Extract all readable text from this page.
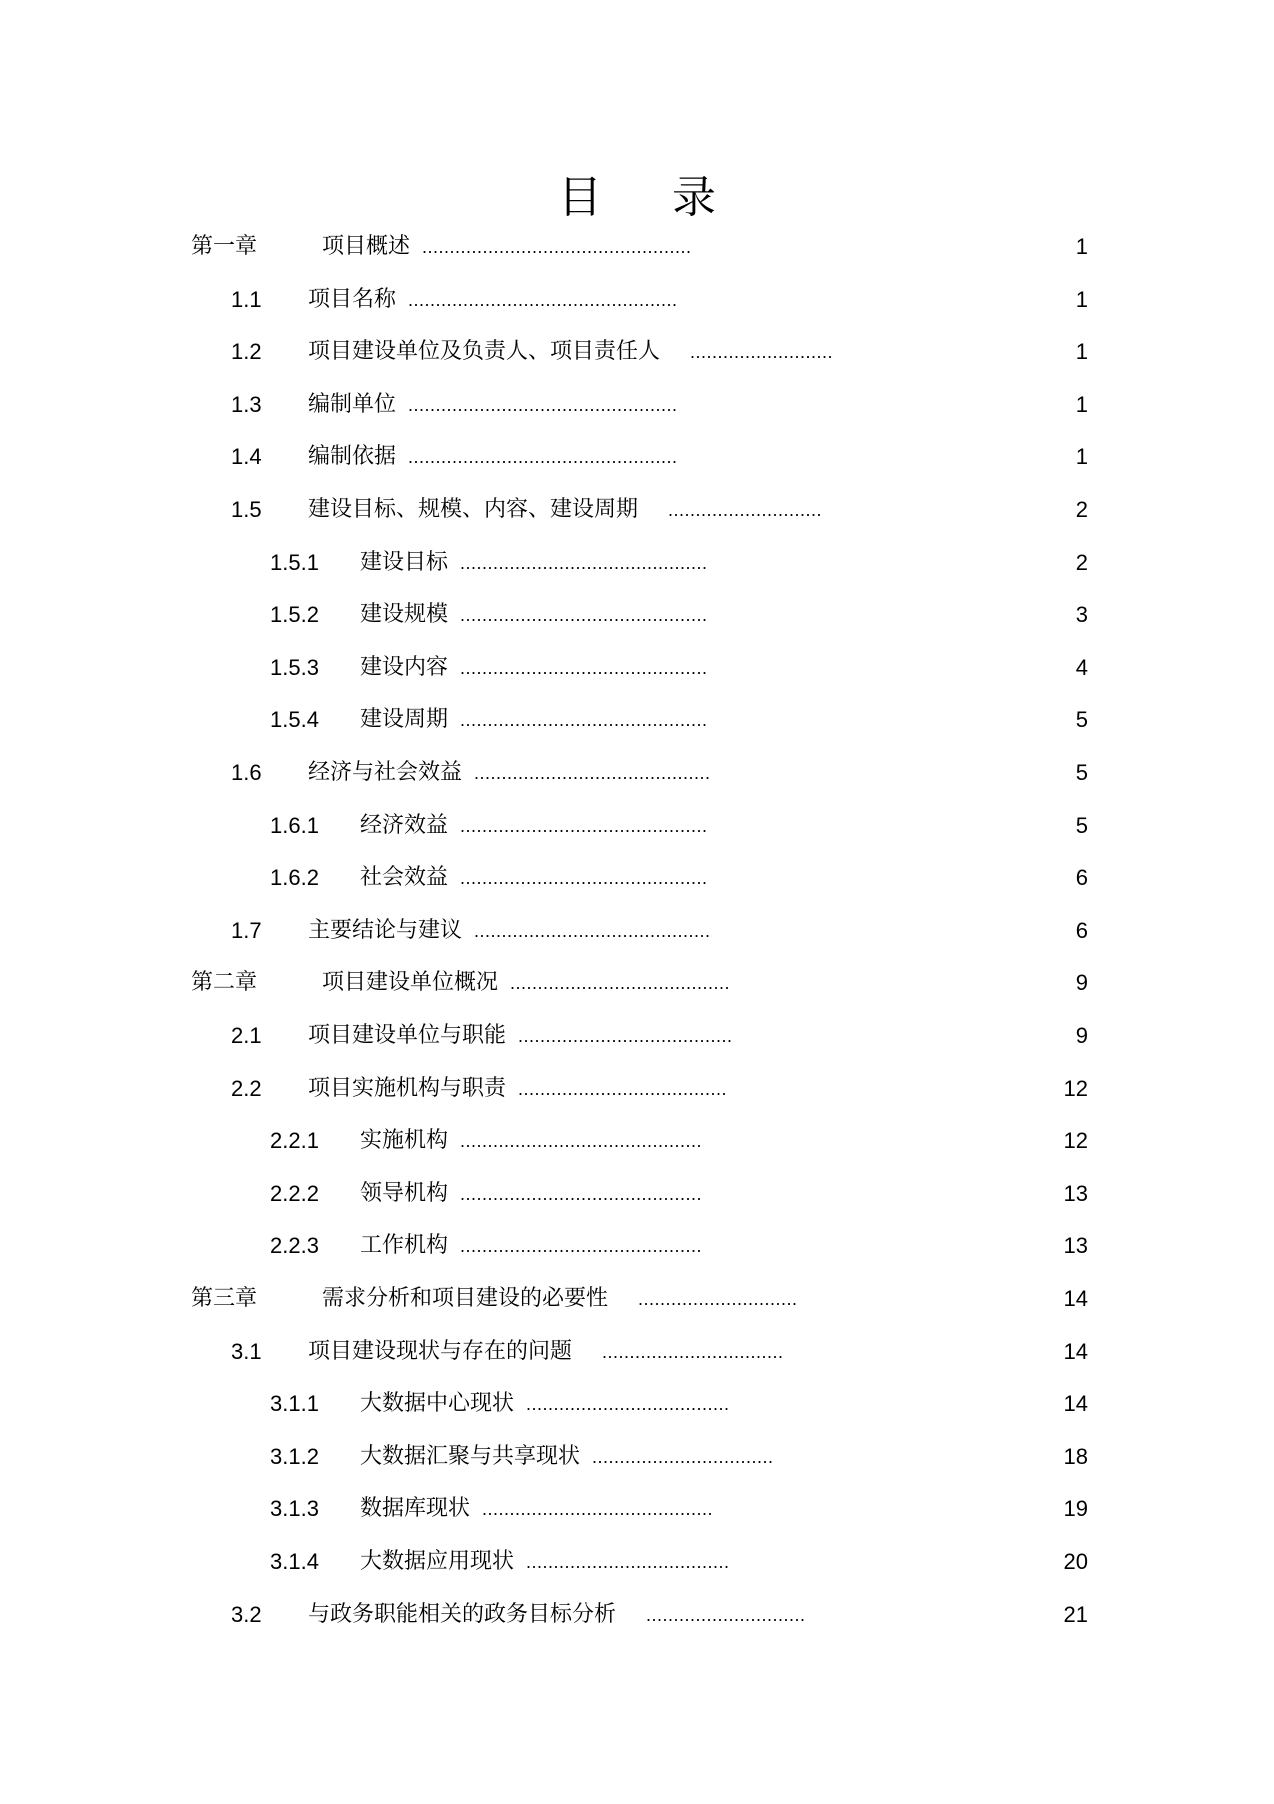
目 录
第一章	项目概述 .................................................	1
1.1 项目名称 .................................................	1
1.2 项目建设单位及负责人、项目责任人 ..........................	1
1.3 编制单位 .................................................	1
1.4 编制依据 .................................................	1
1.5 建设目标、规模、内容、建设周期 ............................	2
1.5.1 建设目标 .............................................	2
1.5.2 建设规模 .............................................	3
1.5.3 建设内容 .............................................	4
1.5.4 建设周期 .............................................	5
1.6 经济与社会效益 ...........................................	5
1.6.1 经济效益 .............................................	5
1.6.2 社会效益 .............................................	6
1.7 主要结论与建议 ...........................................	6
第二章	项目建设单位概况 ........................................	9
2.1 项目建设单位与职能 .......................................	9
2.2 项目实施机构与职责 ......................................	12
2.2.1 实施机构 ............................................	12
2.2.2 领导机构 ............................................	13
2.2.3 工作机构 ............................................	13
第三章	需求分析和项目建设的必要性 .............................	14
3.1 项目建设现状与存在的问题 .................................	14
3.1.1 大数据中心现状 .....................................	14
3.1.2 大数据汇聚与共享现状 .................................	18
3.1.3 数据库现状 ..........................................	19
3.1.4 大数据应用现状 .....................................	20
3.2 与政务职能相关的政务目标分析 .............................	21
